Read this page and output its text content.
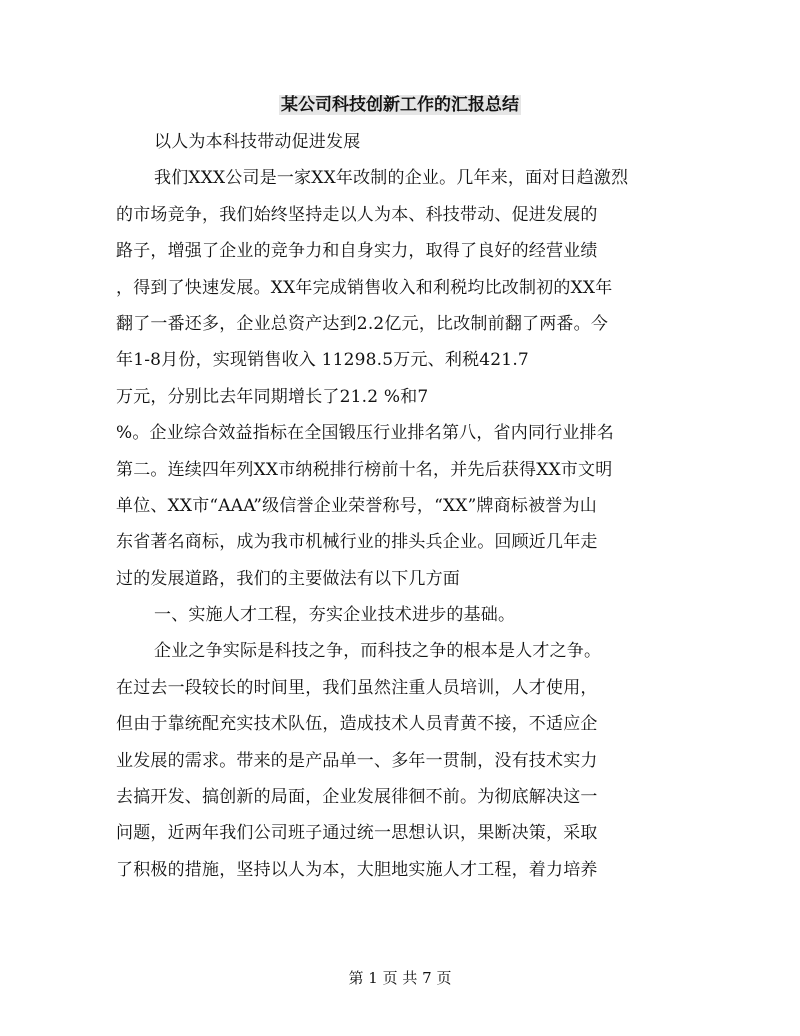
某公司科技创新工作的汇报总结
以人为本科技带动促进发展
我们XXX公司是一家XX年改制的企业。几年来，面对日趋激烈
的市场竞争，我们始终坚持走以人为本、科技带动、促进发展的
路子，增强了企业的竞争力和自身实力，取得了良好的经营业绩
，得到了快速发展。XX年完成销售收入和利税均比改制初的XX年
翻了一番还多，企业总资产达到2.2亿元，比改制前翻了两番。今
年1-8月份，实现销售收入 11298.5万元、利税421.7
万元，分别比去年同期增长了21.2 %和7
%。企业综合效益指标在全国锻压行业排名第八，省内同行业排名
第二。连续四年列XX市纳税排行榜前十名，并先后获得XX市文明
单位、XX市“AAA”级信誉企业荣誉称号，“XX”牌商标被誉为山
东省著名商标，成为我市机械行业的排头兵企业。回顾近几年走
过的发展道路，我们的主要做法有以下几方面
一、实施人才工程，夯实企业技术进步的基础。
企业之争实际是科技之争，而科技之争的根本是人才之争。
在过去一段较长的时间里，我们虽然注重人员培训，人才使用，
但由于靠统配充实技术队伍，造成技术人员青黄不接，不适应企
业发展的需求。带来的是产品单一、多年一贯制，没有技术实力
去搞开发、搞创新的局面，企业发展徘徊不前。为彻底解决这一
问题，近两年我们公司班子通过统一思想认识，果断决策，采取
了积极的措施，坚持以人为本，大胆地实施人才工程，着力培养
第 1 页 共 7 页
